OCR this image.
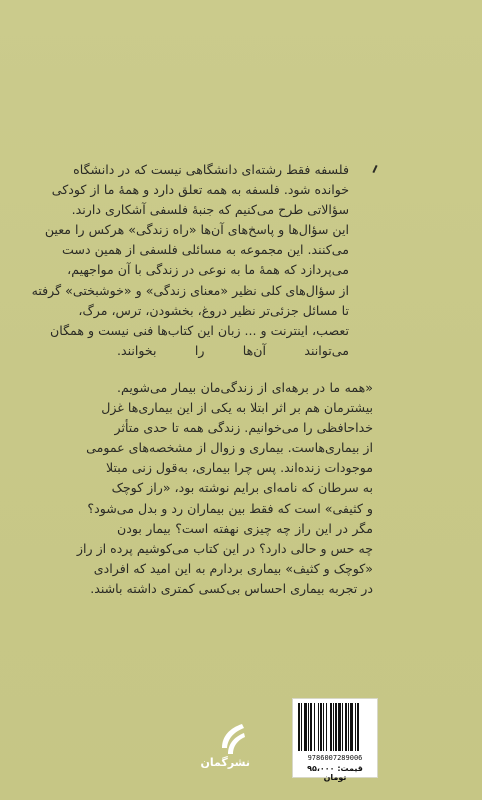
فلسفه فقط رشته‌ای دانشگاهی نیست که در دانشگاه
خوانده شود. فلسفه به همه تعلق دارد و همهٔ ما از کودکی
سؤالاتی طرح می‌کنیم که جنبهٔ فلسفی آشکاری دارند.
این سؤال‌ها و پاسخ‌های آن‌ها «راه زندگی» هرکس را معین
می‌کنند. این مجموعه به مسائلی فلسفی از همین دست
می‌پردازد که همهٔ ما به نوعی در زندگی با آن مواجهیم،
از سؤال‌های کلی نظیر «معنای زندگی» و «خوشبختی» گرفته
تا مسائل جزئی‌تر نظیر دروغ، بخشودن، ترس، مرگ،
تعصب، اینترنت و ... زبان این کتاب‌ها فنی نیست و همگان
می‌توانند آن‌ها را بخوانند.
«همه ما در برهه‌ای از زندگی‌مان بیمار می‌شویم.
بیشترمان هم بر اثر ابتلا به یکی از این بیماری‌ها غزل
خداحافظی را می‌خوانیم. زندگی همه تا حدی متأثر
از بیماری‌هاست. بیماری و زوال از مشخصه‌های عمومی
موجودات زنده‌اند. پس چرا بیماری، به‌قول زنی مبتلا
به سرطان که نامه‌ای برایم نوشته بود، «راز کوچک
و کثیفی» است که فقط بین بیماران رد و بدل می‌شود؟
مگر در این راز چه چیزی نهفته است؟ بیمار بودن
چه حس و حالی دارد؟ در این کتاب می‌کوشیم پرده از راز
«کوچک و کثیف» بیماری بردارم به این امید که افرادی
در تجربه بیماری احساس بی‌کسی کمتری داشته باشند.
نشرگمان	9786007289006
قیمت: ۹۵،۰۰۰ تومان
